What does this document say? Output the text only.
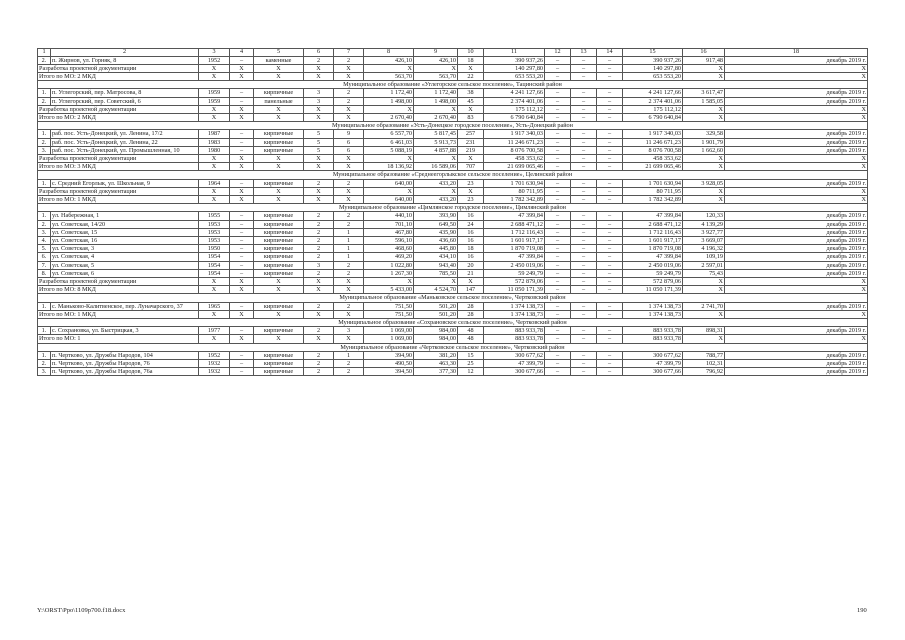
1	2	3	4	5	6	7	8	9	10	11	12	13	14	15	16	18
2.	п. Жирнов, ул. Горняк, 8	1952	–	каменные	2	2	426,10	426,10	18	390 937,26	–	–	–	390 937,26	917,48	декабрь 2019 г.
Разработка проектной документации		X	X	X	X	X	X	X	X	140 297,80	–	–	–	140 297,80	X	X
Итого по МО: 2 МКД		X	X	X	X	X	563,70	563,70	22	653 553,20	–	–	–	653 553,20	X	X
Муниципальное образование «Углегорское сельское поселение», Тацинский район																
1.	п. Углегорский, пер. Матросова, 8	1959	–	кирпичные	3	2	1 172,40	1 172,40	38	4 241 127,66	–	–	–	4 241 127,66	3 617,47	декабрь 2019 г.
2.	п. Углегорский, пер. Советский, 6	1959	–	панельные	3	2	1 498,00	1 498,00	45	2 374 401,06	–	–	–	2 374 401,06	1 585,05	декабрь 2019 г.
Разработка проектной документации		X	X	X	X	X	X	X	X	175 112,12	–	–	–	175 112,12	X	X
Итого по МО: 2 МКД		X	X	X	X	X	2 670,40	2 670,40	83	6 790 640,84	–	–	–	6 790 640,84	X	X
Муниципальное образование «Усть-Донецкое городское поселение», Усть-Донецкий район																
1.	раб. пос. Усть-Донецкий, ул. Ленина, 17/2	1987	–	кирпичные	5	9	6 557,70	5 817,45	257	1 917 340,03	–	–	–	1 917 340,03	329,58	декабрь 2019 г.
2.	раб. пос. Усть-Донецкий, ул. Ленина, 22	1983	–	кирпичные	5	6	6 461,03	5 913,73	231	11 246 671,23	–	–	–	11 246 671,23	1 901,79	декабрь 2019 г.
3.	раб. пос. Усть-Донецкий, ул. Промышленная, 10	1980	–	кирпичные	5	6	5 088,19	4 857,88	219	8 076 700,58	–	–	–	8 076 700,58	1 662,60	декабрь 2019 г.
Разработка проектной документации		X	X	X	X	X	X	X	X	458 353,62	–	–	–	458 353,62	X	X
Итого по МО: 3 МКД		X	X	X	X	X	18 136,92	16 589,06	707	21 699 065,46	–	–	–	21 699 065,46	X	X
Муниципальное образование «Среднеегорлыкское сельское поселение», Целинский район																
1.	с. Средний Егорлык, ул. Школьная, 9	1964	–	кирпичные	2	2	640,00	433,20	23	1 701 630,94	–	–	–	1 701 630,94	3 928,05	декабрь 2019 г.
Разработка проектной документации		X	X	X	X	X	X	X	X	80 711,95	–	–	–	80 711,95	X	X
Итого по МО: 1 МКД		X	X	X	X	X	640,00	433,20	23	1 782 342,89	–	–	–	1 782 342,89	X	X
Муниципальное образование «Цимлянское городское поселение», Цимлянский район																
1.	ул. Набережная, 1	1955	–	кирпичные	2	2	440,10	393,90	16	47 399,84	–	–	–	47 399,84	120,33	декабрь 2019 г.
2.	ул. Советская, 14/20	1953	–	кирпичные	2	2	701,10	649,50	24	2 688 471,12	–	–	–	2 688 471,12	4 139,29	декабрь 2019 г.
3.	ул. Советская, 15	1953	–	кирпичные	2	1	467,80	435,90	16	1 712 116,43	–	–	–	1 712 116,43	3 927,77	декабрь 2019 г.
4.	ул. Советская, 16	1953	–	кирпичные	2	1	596,10	436,60	16	1 601 917,17	–	–	–	1 601 917,17	3 669,07	декабрь 2019 г.
5.	ул. Советская, 3	1950	–	кирпичные	2	1	468,60	445,80	18	1 870 719,08	–	–	–	1 870 719,08	4 196,32	декабрь 2019 г.
6.	ул. Советская, 4	1954	–	кирпичные	2	1	469,20	434,10	16	47 399,84	–	–	–	47 399,84	109,19	декабрь 2019 г.
7.	ул. Советская, 5	1954	–	кирпичные	3	2	1 022,80	943,40	20	2 450 019,06	–	–	–	2 450 019,06	2 597,01	декабрь 2019 г.
8.	ул. Советская, 6	1954	–	кирпичные	2	2	1 267,30	785,50	21	59 249,79	–	–	–	59 249,79	75,43	декабрь 2019 г.
Разработка проектной документации		X	X	X	X	X	X	X	X	572 879,06	–	–	–	572 879,06	X	X
Итого по МО: 8 МКД		X	X	X	X	X	5 433,00	4 524,70	147	11 050 171,39	–	–	–	11 050 171,39	X	X
Муниципальное образование «Маньковское сельское поселение», Чертковский район																
1.	с. Маньково-Калитвенское, пер. Луначарского, 37	1965	–	кирпичные	2	2	751,50	501,20	28	1 374 138,73	–	–	–	1 374 138,73	2 741,70	декабрь 2019 г.
Итого по МО: 1 МКД		X	X	X	X	X	751,50	501,20	28	1 374 138,73	–	–	–	1 374 138,73	X	X
Муниципальное образование «Сохрановское сельское поселение», Чертковский район																
1.	с. Сохрановка, ул. Быстрицкая, 3	1977	–	кирпичные	2	3	1 069,00	984,00	48	883 933,78	–	–	–	883 933,78	898,31	декабрь 2019 г.
Итого по МО: 1		X	X	X	X	X	1 069,00	984,00	48	883 933,78	–	–	–	883 933,78	X	X
Муниципальное образование «Чертковское сельское поселение», Чертковский район																
1.	п. Чертково, ул. Дружбы Народов, 104	1952	–	кирпичные	2	1	394,90	381,20	15	300 677,62	–	–	–	300 677,62	788,77	декабрь 2019 г.
2.	п. Чертково, ул. Дружбы Народов, 76	1932	–	кирпичные	2	2	490,50	463,30	25	47 399,79	–	–	–	47 399,79	102,31	декабрь 2019 г.
3.	п. Чертково, ул. Дружбы Народов, 76а	1932	–	кирпичные	2	2	394,50	377,30	12	300 677,66	–	–	–	300 677,66	796,92	декабрь 2019 г.
Y:\ORST\Ppo\1109p700.f18.docx	190
